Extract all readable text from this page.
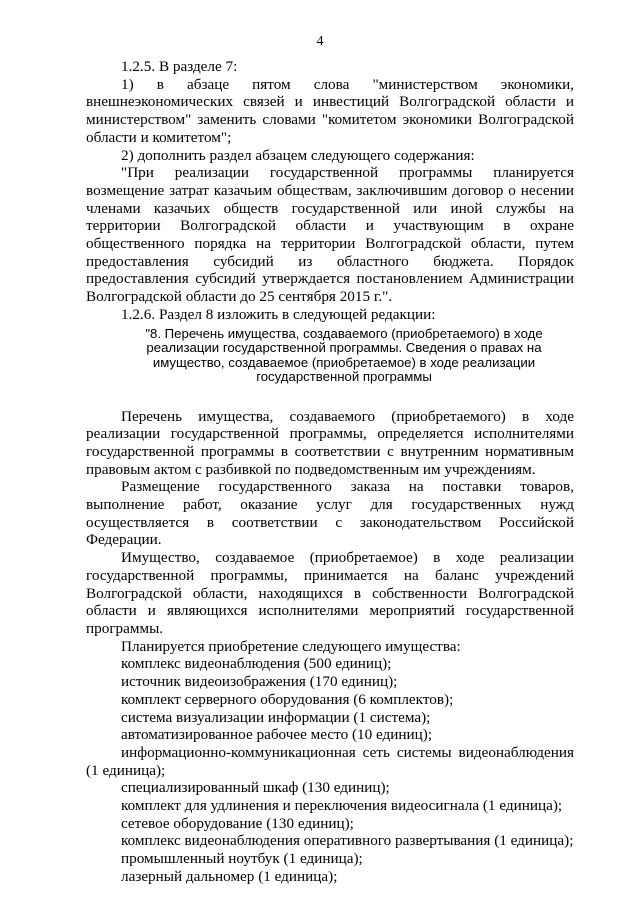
4

1.2.5. В разделе 7:

1) в абзаце пятом слова "министерством экономики, внешнеэкономических связей и инвестиций Волгоградской области и министерством" заменить словами "комитетом экономики Волгоградской области и комитетом";

2) дополнить раздел абзацем следующего содержания:

"При реализации государственной программы планируется возмещение затрат казачьим обществам, заключившим договор о несении членами казачьих обществ государственной или иной службы на территории Волгоградской области и участвующим в охране общественного порядка на территории Волгоградской области, путем предоставления субсидий из областного бюджета. Порядок предоставления субсидий утверждается постановлением Администрации Волгоградской области до 25 сентября 2015 г.".

1.2.6. Раздел 8 изложить в следующей редакции:

"8. Перечень имущества, создаваемого (приобретаемого) в ходе реализации государственной программы. Сведения о правах на имущество, создаваемое (приобретаемое) в ходе реализации государственной программы

Перечень имущества, создаваемого (приобретаемого) в ходе реализации государственной программы, определяется исполнителями государственной программы в соответствии с внутренним нормативным правовым актом с разбивкой по подведомственным им учреждениям.

Размещение государственного заказа на поставки товаров, выполнение работ, оказание услуг для государственных нужд осуществляется в соответствии с законодательством Российской Федерации.

Имущество, создаваемое (приобретаемое) в ходе реализации государственной программы, принимается на баланс учреждений Волгоградской области, находящихся в собственности Волгоградской области и являющихся исполнителями мероприятий государственной программы.

Планируется приобретение следующего имущества:

комплекс видеонаблюдения (500 единиц);

источник видеоизображения (170 единиц);

комплект серверного оборудования (6 комплектов);

система визуализации информации (1 система);

автоматизированное рабочее место (10 единиц);

информационно-коммуникационная сеть системы видеонаблюдения (1 единица);

специализированный шкаф (130 единиц);

комплект для удлинения и переключения видеосигнала (1 единица);

сетевое оборудование (130 единиц);

комплекс видеонаблюдения оперативного развертывания (1 единица);

промышленный ноутбук (1 единица);

лазерный дальномер (1 единица);
